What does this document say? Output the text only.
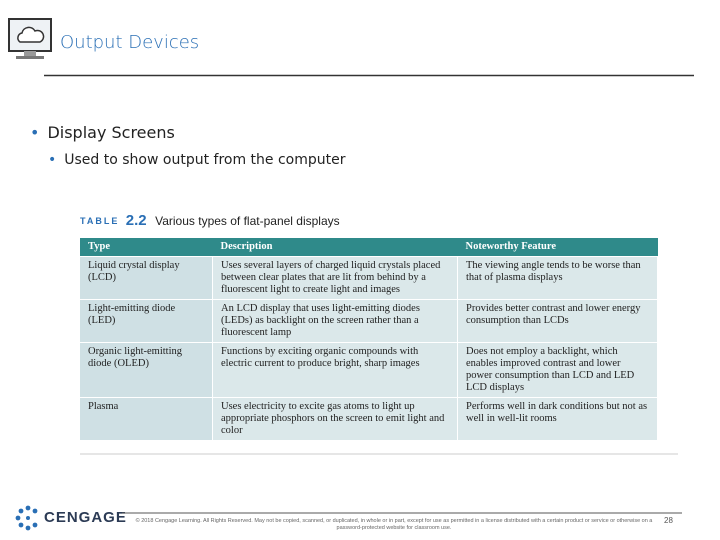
Output Devices
• Display Screens
• Used to show output from the computer
TABLE 2.2 Various types of flat-panel displays
Type	Description	Noteworthy Feature
Liquid crystal display (LCD)	Uses several layers of charged liquid crystals placed between clear plates that are lit from behind by a fluorescent light to create light and images	The viewing angle tends to be worse than that of plasma displays
Light-emitting diode (LED)	An LCD display that uses light-emitting diodes (LEDs) as backlight on the screen rather than a fluorescent lamp	Provides better contrast and lower energy consumption than LCDs
Organic light-emitting diode (OLED)	Functions by exciting organic compounds with electric current to produce bright, sharp images	Does not employ a backlight, which enables improved contrast and lower power consumption than LCD and LED LCD displays
Plasma	Uses electricity to excite gas atoms to light up appropriate phosphors on the screen to emit light and color	Performs well in dark conditions but not as well in well-lit rooms
CENGAGE	© 2018 Cengage Learning. All Rights Reserved. May not be copied, scanned, or duplicated, in whole or in part, except for use as permitted in a license distributed with a certain product or service or otherwise on a password-protected website for classroom use.
28
